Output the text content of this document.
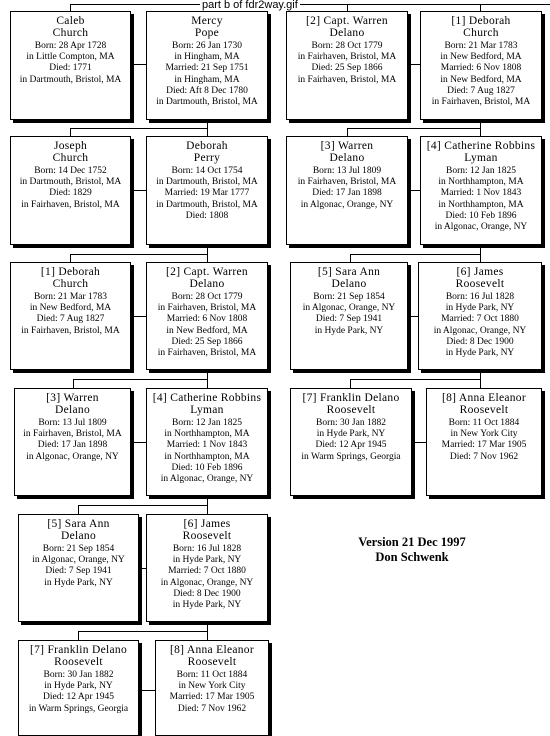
part b of fdr2way.gif
Caleb
Church
Born: 28 Apr 1728
in Little Compton, MA
Died: 1771
in Dartmouth, Bristol, MA
Mercy
Pope
Born: 26 Jan 1730
in Hingham, MA
Married: 21 Sep 1751
in Hingham, MA
Died: Aft 8 Dec 1780
in Dartmouth, Bristol, MA
[2] Capt. Warren
Delano
Born: 28 Oct 1779
in Fairhaven, Bristol, MA
Died: 25 Sep 1866
in Fairhaven, Bristol, MA
[1] Deborah
Church
Born: 21 Mar 1783
in New Bedford, MA
Married: 6 Nov 1808
in New Bedford, MA
Died: 7 Aug 1827
in Fairhaven, Bristol, MA
Joseph
Church
Born: 14 Dec 1752
in Dartmouth, Bristol, MA
Died: 1829
in Fairhaven, Bristol, MA
Deborah
Perry
Born: 14 Oct 1754
in Dartmouth, Bristol, MA
Married: 19 Mar 1777
in Dartmouth, Bristol, MA
Died: 1808
[3] Warren
Delano
Born: 13 Jul 1809
in Fairhaven, Bristol, MA
Died: 17 Jan 1898
in Algonac, Orange, NY
[4] Catherine Robbins
Lyman
Born: 12 Jan 1825
in Northhampton, MA
Married: 1 Nov 1843
in Northhampton, MA
Died: 10 Feb 1896
in Algonac, Orange, NY
[1] Deborah
Church
Born: 21 Mar 1783
in New Bedford, MA
Died: 7 Aug 1827
in Fairhaven, Bristol, MA
[2] Capt. Warren
Delano
Born: 28 Oct 1779
in Fairhaven, Bristol, MA
Married: 6 Nov 1808
in New Bedford, MA
Died: 25 Sep 1866
in Fairhaven, Bristol, MA
[5] Sara Ann
Delano
Born: 21 Sep 1854
in Algonac, Orange, NY
Died: 7 Sep 1941
in Hyde Park, NY
[6] James
Roosevelt
Born: 16 Jul 1828
in Hyde Park, NY
Married: 7 Oct 1880
in Algonac, Orange, NY
Died: 8 Dec 1900
in Hyde Park, NY
[3] Warren
Delano
Born: 13 Jul 1809
in Fairhaven, Bristol, MA
Died: 17 Jan 1898
in Algonac, Orange, NY
[4] Catherine Robbins
Lyman
Born: 12 Jan 1825
in Northhampton, MA
Married: 1 Nov 1843
in Northhampton, MA
Died: 10 Feb 1896
in Algonac, Orange, NY
[7] Franklin Delano
Roosevelt
Born: 30 Jan 1882
in Hyde Park, NY
Died: 12 Apr 1945
in Warm Springs, Georgia
[8] Anna Eleanor
Roosevelt
Born: 11 Oct 1884
in New York City
Married: 17 Mar 1905
Died: 7 Nov 1962
[5] Sara Ann
Delano
Born: 21 Sep 1854
in Algonac, Orange, NY
Died: 7 Sep 1941
in Hyde Park, NY
[6] James
Roosevelt
Born: 16 Jul 1828
in Hyde Park, NY
Married: 7 Oct 1880
in Algonac, Orange, NY
Died: 8 Dec 1900
in Hyde Park, NY
[7] Franklin Delano
Roosevelt
Born: 30 Jan 1882
in Hyde Park, NY
Died: 12 Apr 1945
in Warm Springs, Georgia
[8] Anna Eleanor
Roosevelt
Born: 11 Oct 1884
in New York City
Married: 17 Mar 1905
Died: 7 Nov 1962
Version 21 Dec 1997
Don Schwenk
